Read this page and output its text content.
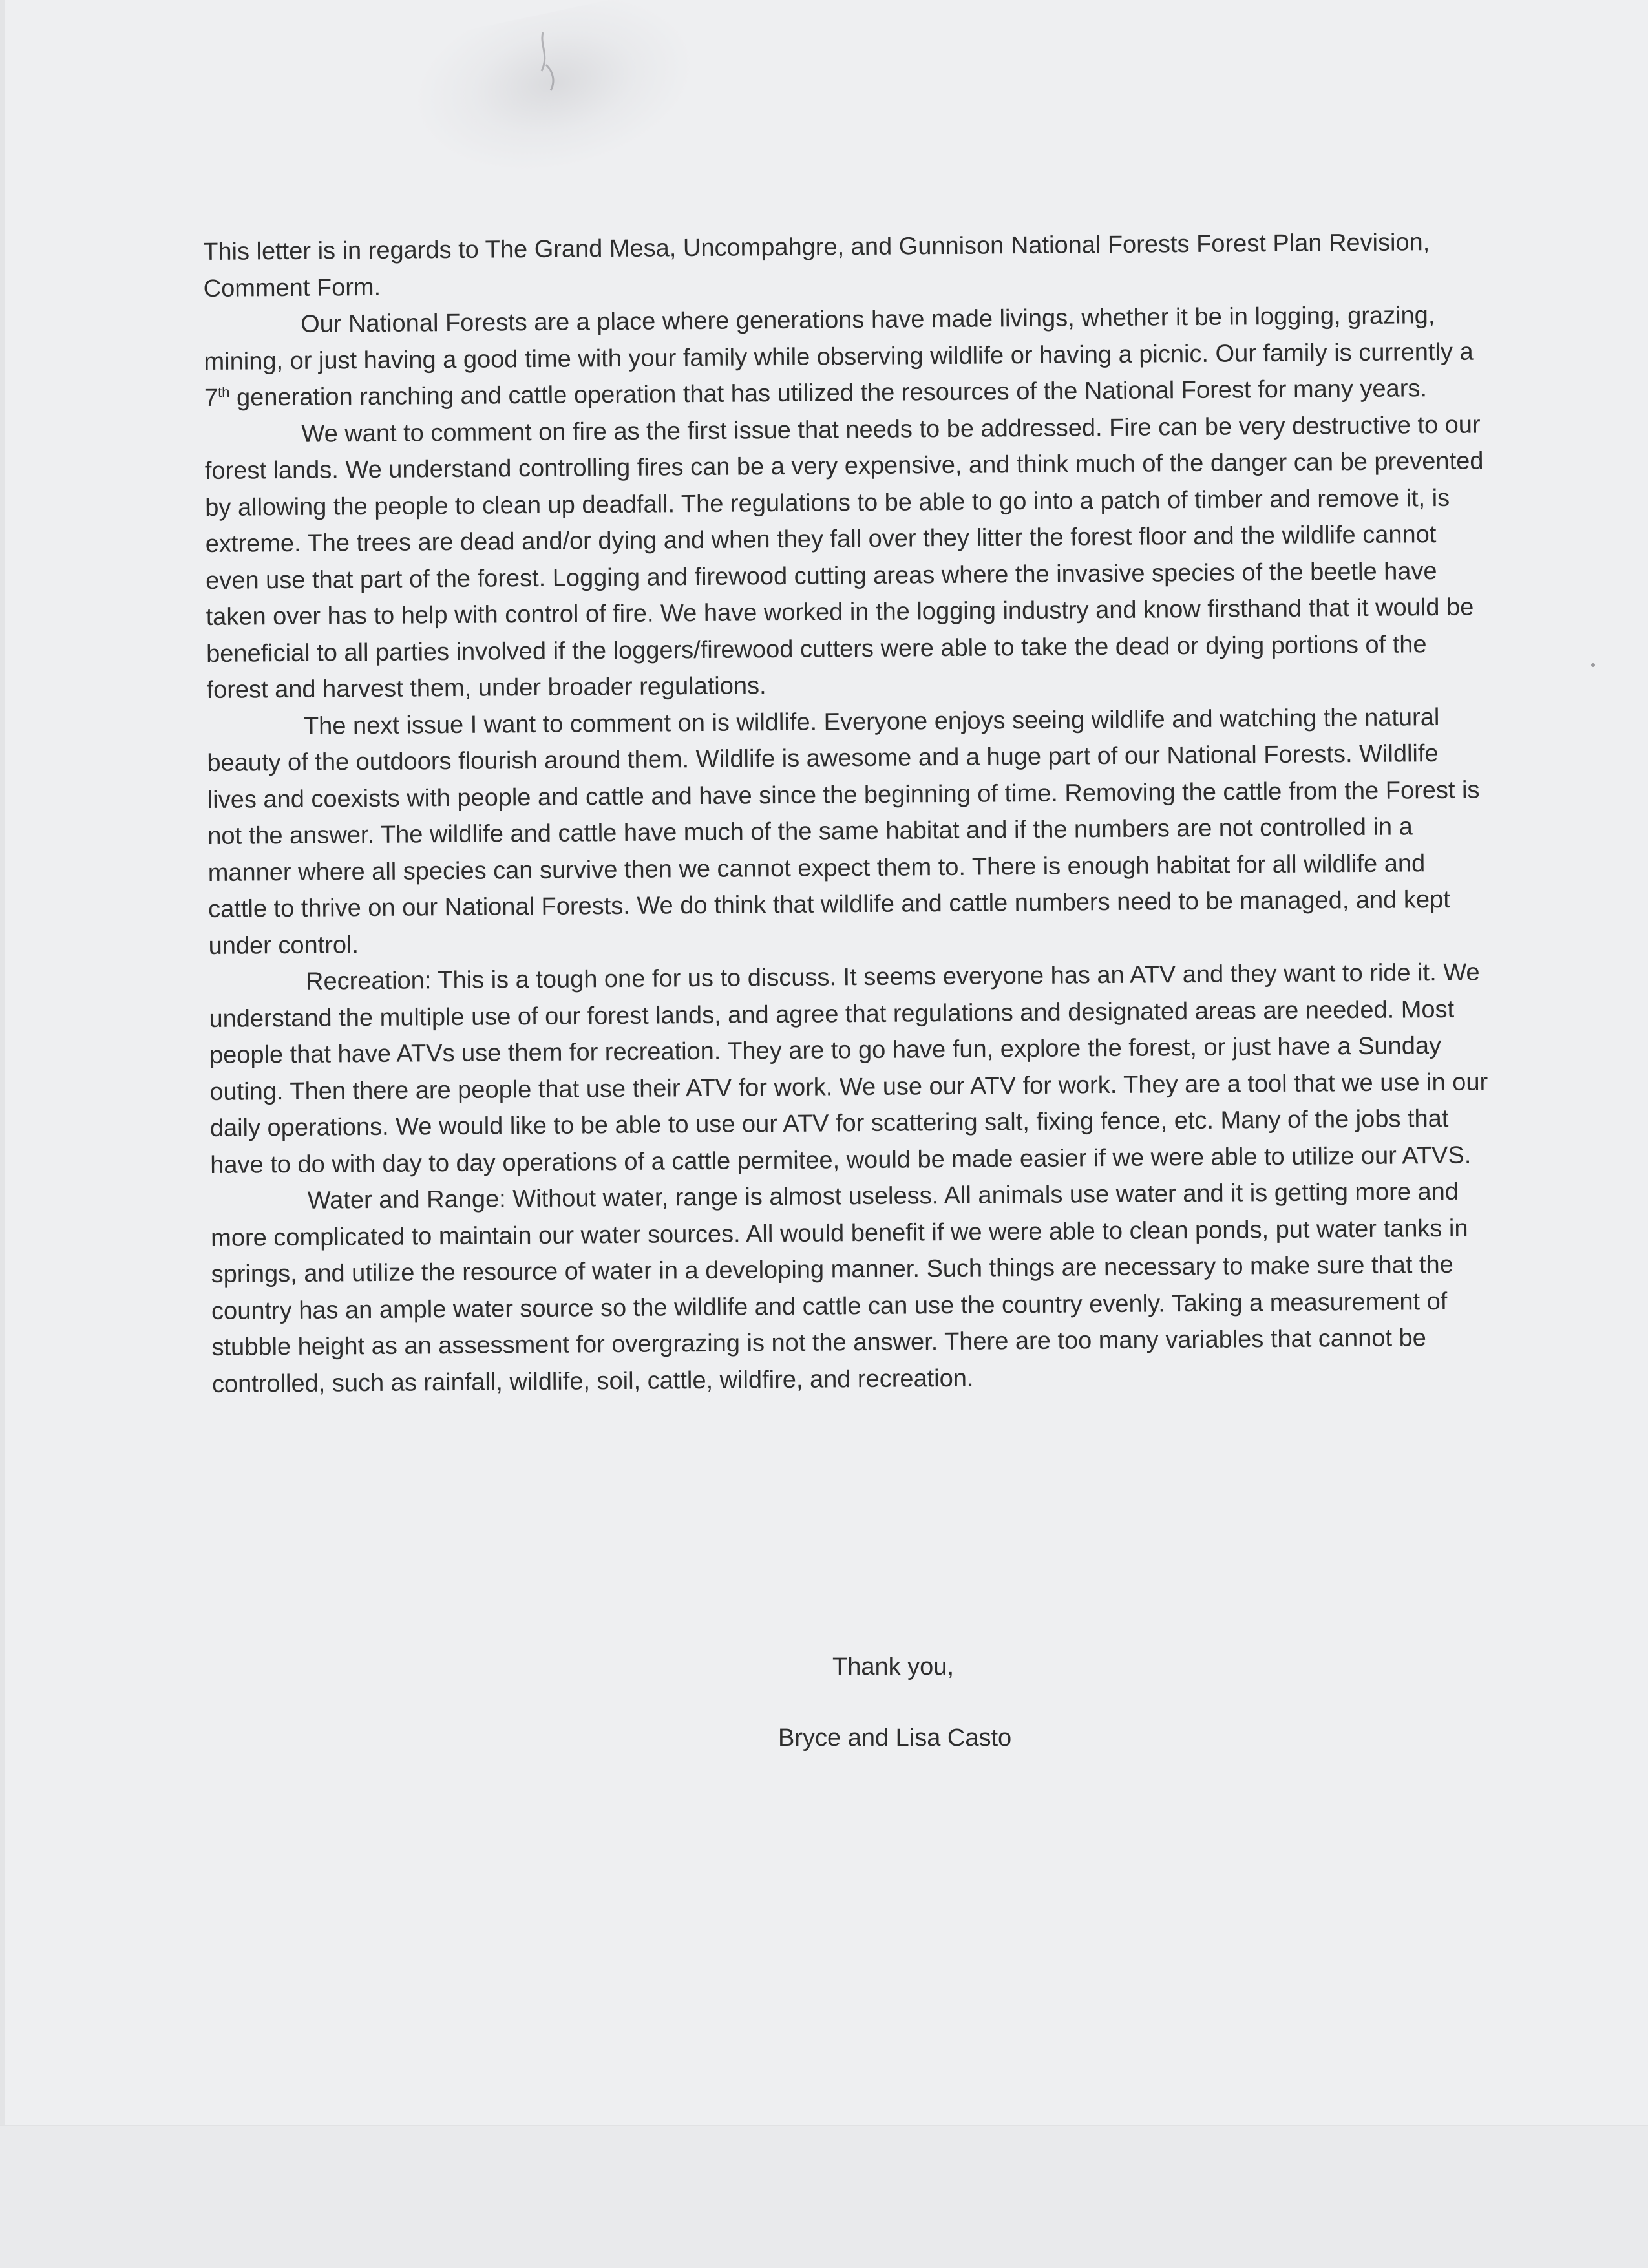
This letter is in regards to The Grand Mesa, Uncompahgre, and Gunnison National Forests Forest Plan Revision, Comment Form.

Our National Forests are a place where generations have made livings, whether it be in logging, grazing, mining, or just having a good time with your family while observing wildlife or having a picnic. Our family is currently a 7th generation ranching and cattle operation that has utilized the resources of the National Forest for many years.

We want to comment on fire as the first issue that needs to be addressed. Fire can be very destructive to our forest lands. We understand controlling fires can be a very expensive, and think much of the danger can be prevented by allowing the people to clean up deadfall. The regulations to be able to go into a patch of timber and remove it, is extreme. The trees are dead and/or dying and when they fall over they litter the forest floor and the wildlife cannot even use that part of the forest. Logging and firewood cutting areas where the invasive species of the beetle have taken over has to help with control of fire. We have worked in the logging industry and know firsthand that it would be beneficial to all parties involved if the loggers/firewood cutters were able to take the dead or dying portions of the forest and harvest them, under broader regulations.

The next issue I want to comment on is wildlife. Everyone enjoys seeing wildlife and watching the natural beauty of the outdoors flourish around them. Wildlife is awesome and a huge part of our National Forests. Wildlife lives and coexists with people and cattle and have since the beginning of time. Removing the cattle from the Forest is not the answer. The wildlife and cattle have much of the same habitat and if the numbers are not controlled in a manner where all species can survive then we cannot expect them to. There is enough habitat for all wildlife and cattle to thrive on our National Forests. We do think that wildlife and cattle numbers need to be managed, and kept under control.

Recreation: This is a tough one for us to discuss. It seems everyone has an ATV and they want to ride it. We understand the multiple use of our forest lands, and agree that regulations and designated areas are needed. Most people that have ATVs use them for recreation. They are to go have fun, explore the forest, or just have a Sunday outing. Then there are people that use their ATV for work. We use our ATV for work. They are a tool that we use in our daily operations. We would like to be able to use our ATV for scattering salt, fixing fence, etc. Many of the jobs that have to do with day to day operations of a cattle permitee, would be made easier if we were able to utilize our ATVS.

Water and Range: Without water, range is almost useless. All animals use water and it is getting more and more complicated to maintain our water sources. All would benefit if we were able to clean ponds, put water tanks in springs, and utilize the resource of water in a developing manner. Such things are necessary to make sure that the country has an ample water source so the wildlife and cattle can use the country evenly. Taking a measurement of stubble height as an assessment for overgrazing is not the answer. There are too many variables that cannot be controlled, such as rainfall, wildlife, soil, cattle, wildfire, and recreation.

Thank you,
Bryce and Lisa Casto
